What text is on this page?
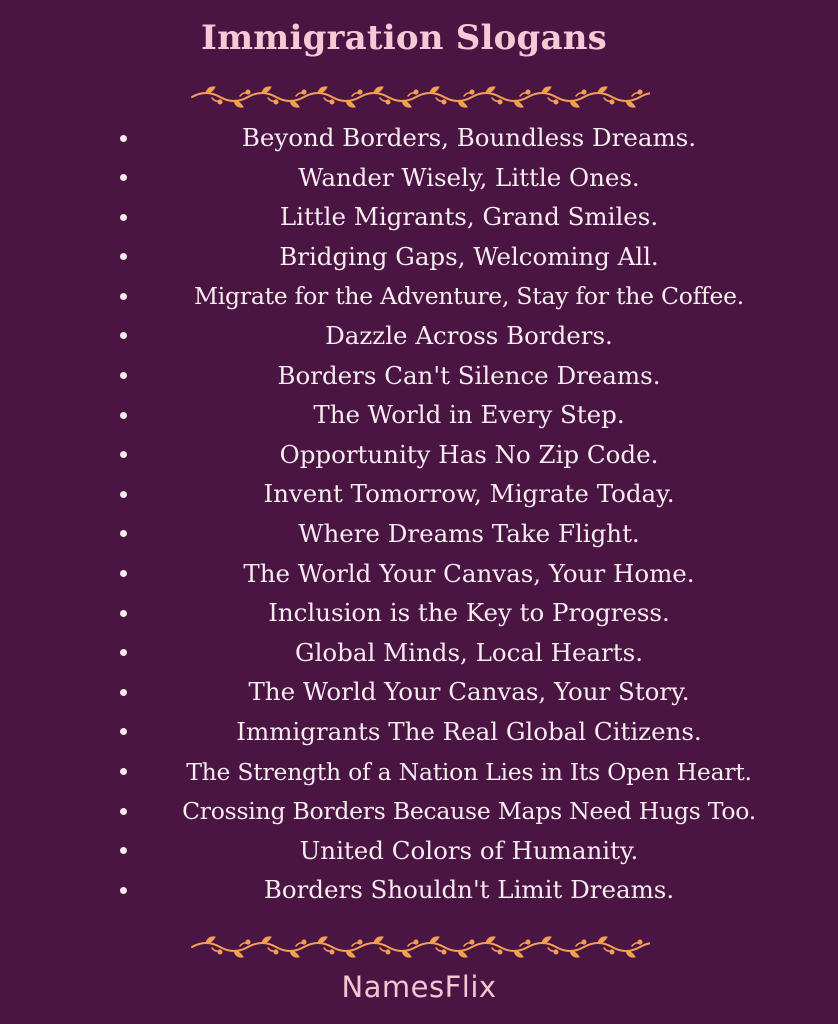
Immigration Slogans
Beyond Borders, Boundless Dreams.
Wander Wisely, Little Ones.
Little Migrants, Grand Smiles.
Bridging Gaps, Welcoming All.
Migrate for the Adventure, Stay for the Coffee.
Dazzle Across Borders.
Borders Can't Silence Dreams.
The World in Every Step.
Opportunity Has No Zip Code.
Invent Tomorrow, Migrate Today.
Where Dreams Take Flight.
The World Your Canvas, Your Home.
Inclusion is the Key to Progress.
Global Minds, Local Hearts.
The World Your Canvas, Your Story.
Immigrants The Real Global Citizens.
The Strength of a Nation Lies in Its Open Heart.
Crossing Borders Because Maps Need Hugs Too.
United Colors of Humanity.
Borders Shouldn't Limit Dreams.
NamesFlix
